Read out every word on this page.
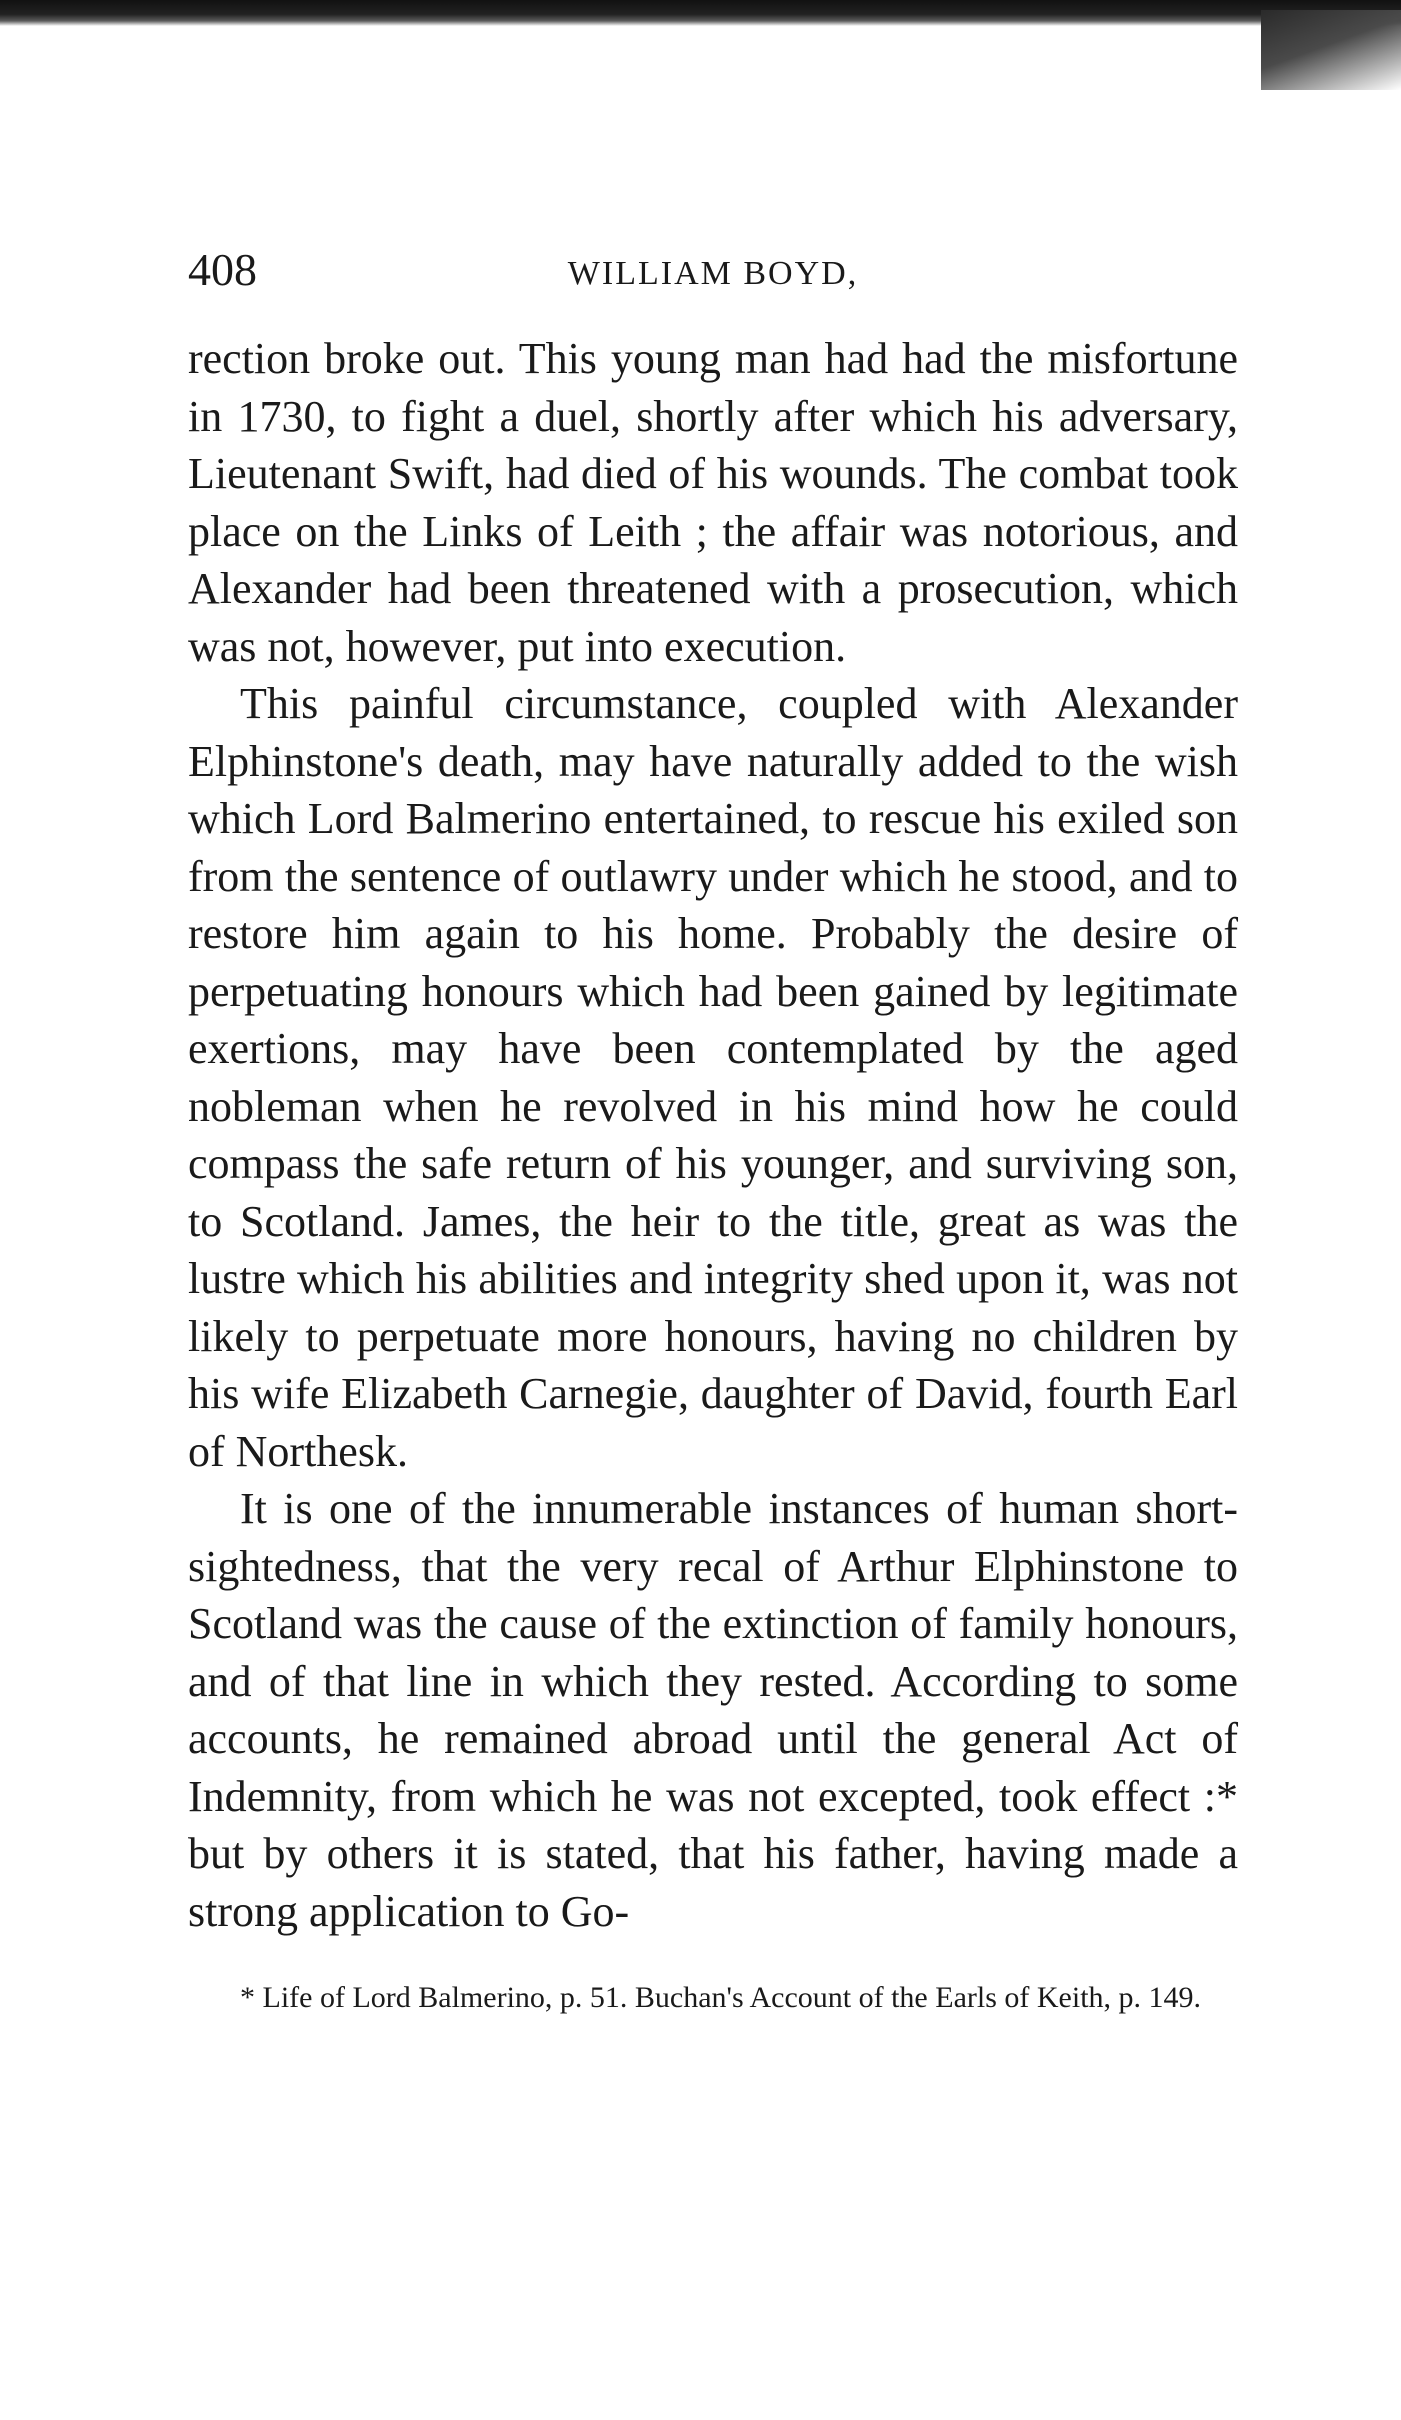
408	WILLIAM BOYD,

rection broke out. This young man had had the misfortune in 1730, to fight a duel, shortly after which his adversary, Lieutenant Swift, had died of his wounds. The combat took place on the Links of Leith ; the affair was notorious, and Alexander had been threatened with a prosecution, which was not, however, put into execution.

This painful circumstance, coupled with Alexander Elphinstone's death, may have naturally added to the wish which Lord Balmerino entertained, to rescue his exiled son from the sentence of outlawry under which he stood, and to restore him again to his home. Probably the desire of perpetuating honours which had been gained by legitimate exertions, may have been contemplated by the aged nobleman when he revolved in his mind how he could compass the safe return of his younger, and surviving son, to Scotland. James, the heir to the title, great as was the lustre which his abilities and integrity shed upon it, was not likely to perpetuate more honours, having no children by his wife Elizabeth Carnegie, daughter of David, fourth Earl of Northesk.

It is one of the innumerable instances of human short-sightedness, that the very recal of Arthur Elphinstone to Scotland was the cause of the extinction of family honours, and of that line in which they rested. According to some accounts, he remained abroad until the general Act of Indemnity, from which he was not excepted, took effect :* but by others it is stated, that his father, having made a strong application to Go-

* Life of Lord Balmerino, p. 51. Buchan's Account of the Earls of Keith, p. 149.
